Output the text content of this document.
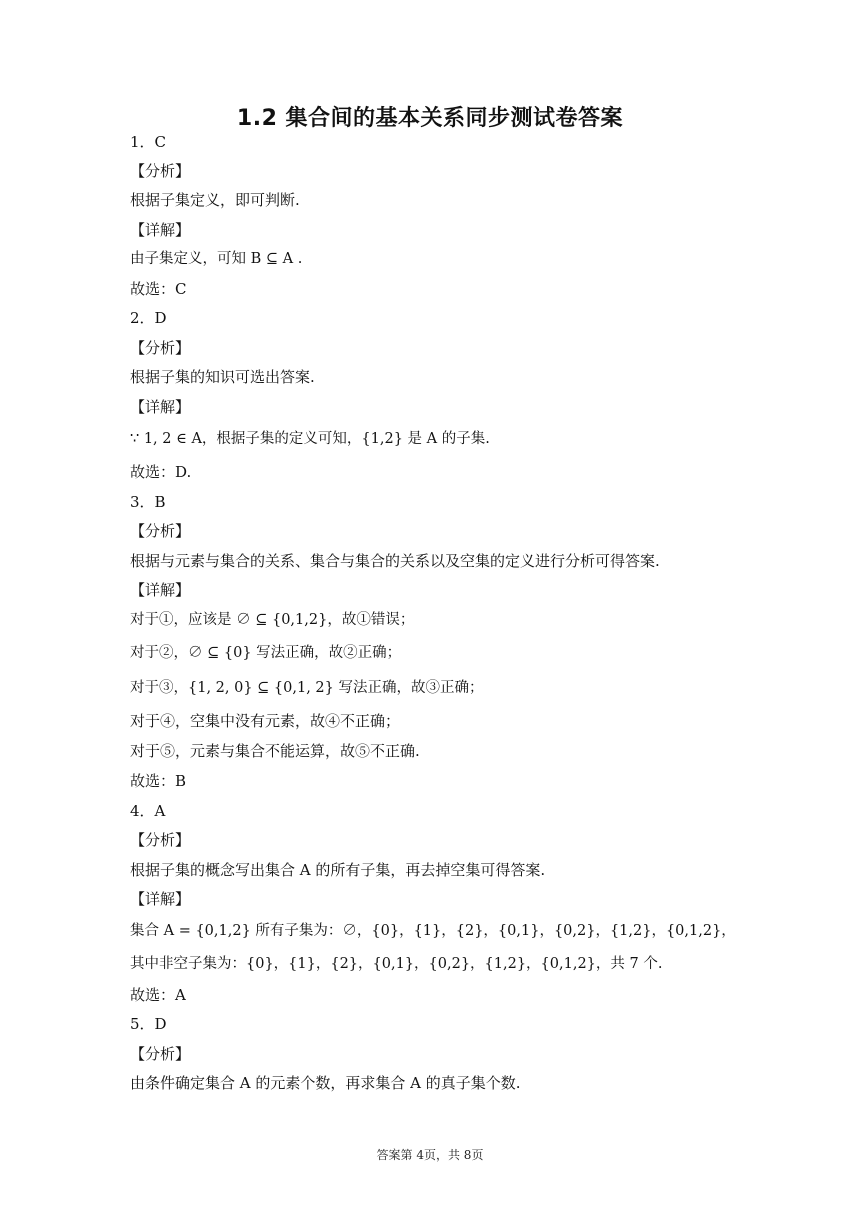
1.2 集合间的基本关系同步测试卷答案
1．C
【分析】
根据子集定义，即可判断.
【详解】
由子集定义，可知 B ⊆ A .
故选：C
2．D
【分析】
根据子集的知识可选出答案.
【详解】
∵ 1, 2 ∈ A，根据子集的定义可知，{1,2} 是 A 的子集.
故选：D.
3．B
【分析】
根据与元素与集合的关系、集合与集合的关系以及空集的定义进行分析可得答案.
【详解】
对于①，应该是 ∅ ⊆ {0,1,2}，故①错误；
对于②，∅ ⊆ {0} 写法正确，故②正确；
对于③，{1, 2, 0} ⊆ {0,1, 2} 写法正确，故③正确；
对于④，空集中没有元素，故④不正确；
对于⑤，元素与集合不能运算，故⑤不正确.
故选：B
4．A
【分析】
根据子集的概念写出集合 A 的所有子集，再去掉空集可得答案.
【详解】
集合 A = {0,1,2} 所有子集为：∅，{0}，{1}，{2}，{0,1}，{0,2}，{1,2}，{0,1,2}，
其中非空子集为：{0}，{1}，{2}，{0,1}，{0,2}，{1,2}，{0,1,2}，共 7 个.
故选：A
5．D
【分析】
由条件确定集合 A 的元素个数，再求集合 A 的真子集个数.
答案第 4页，共 8页
